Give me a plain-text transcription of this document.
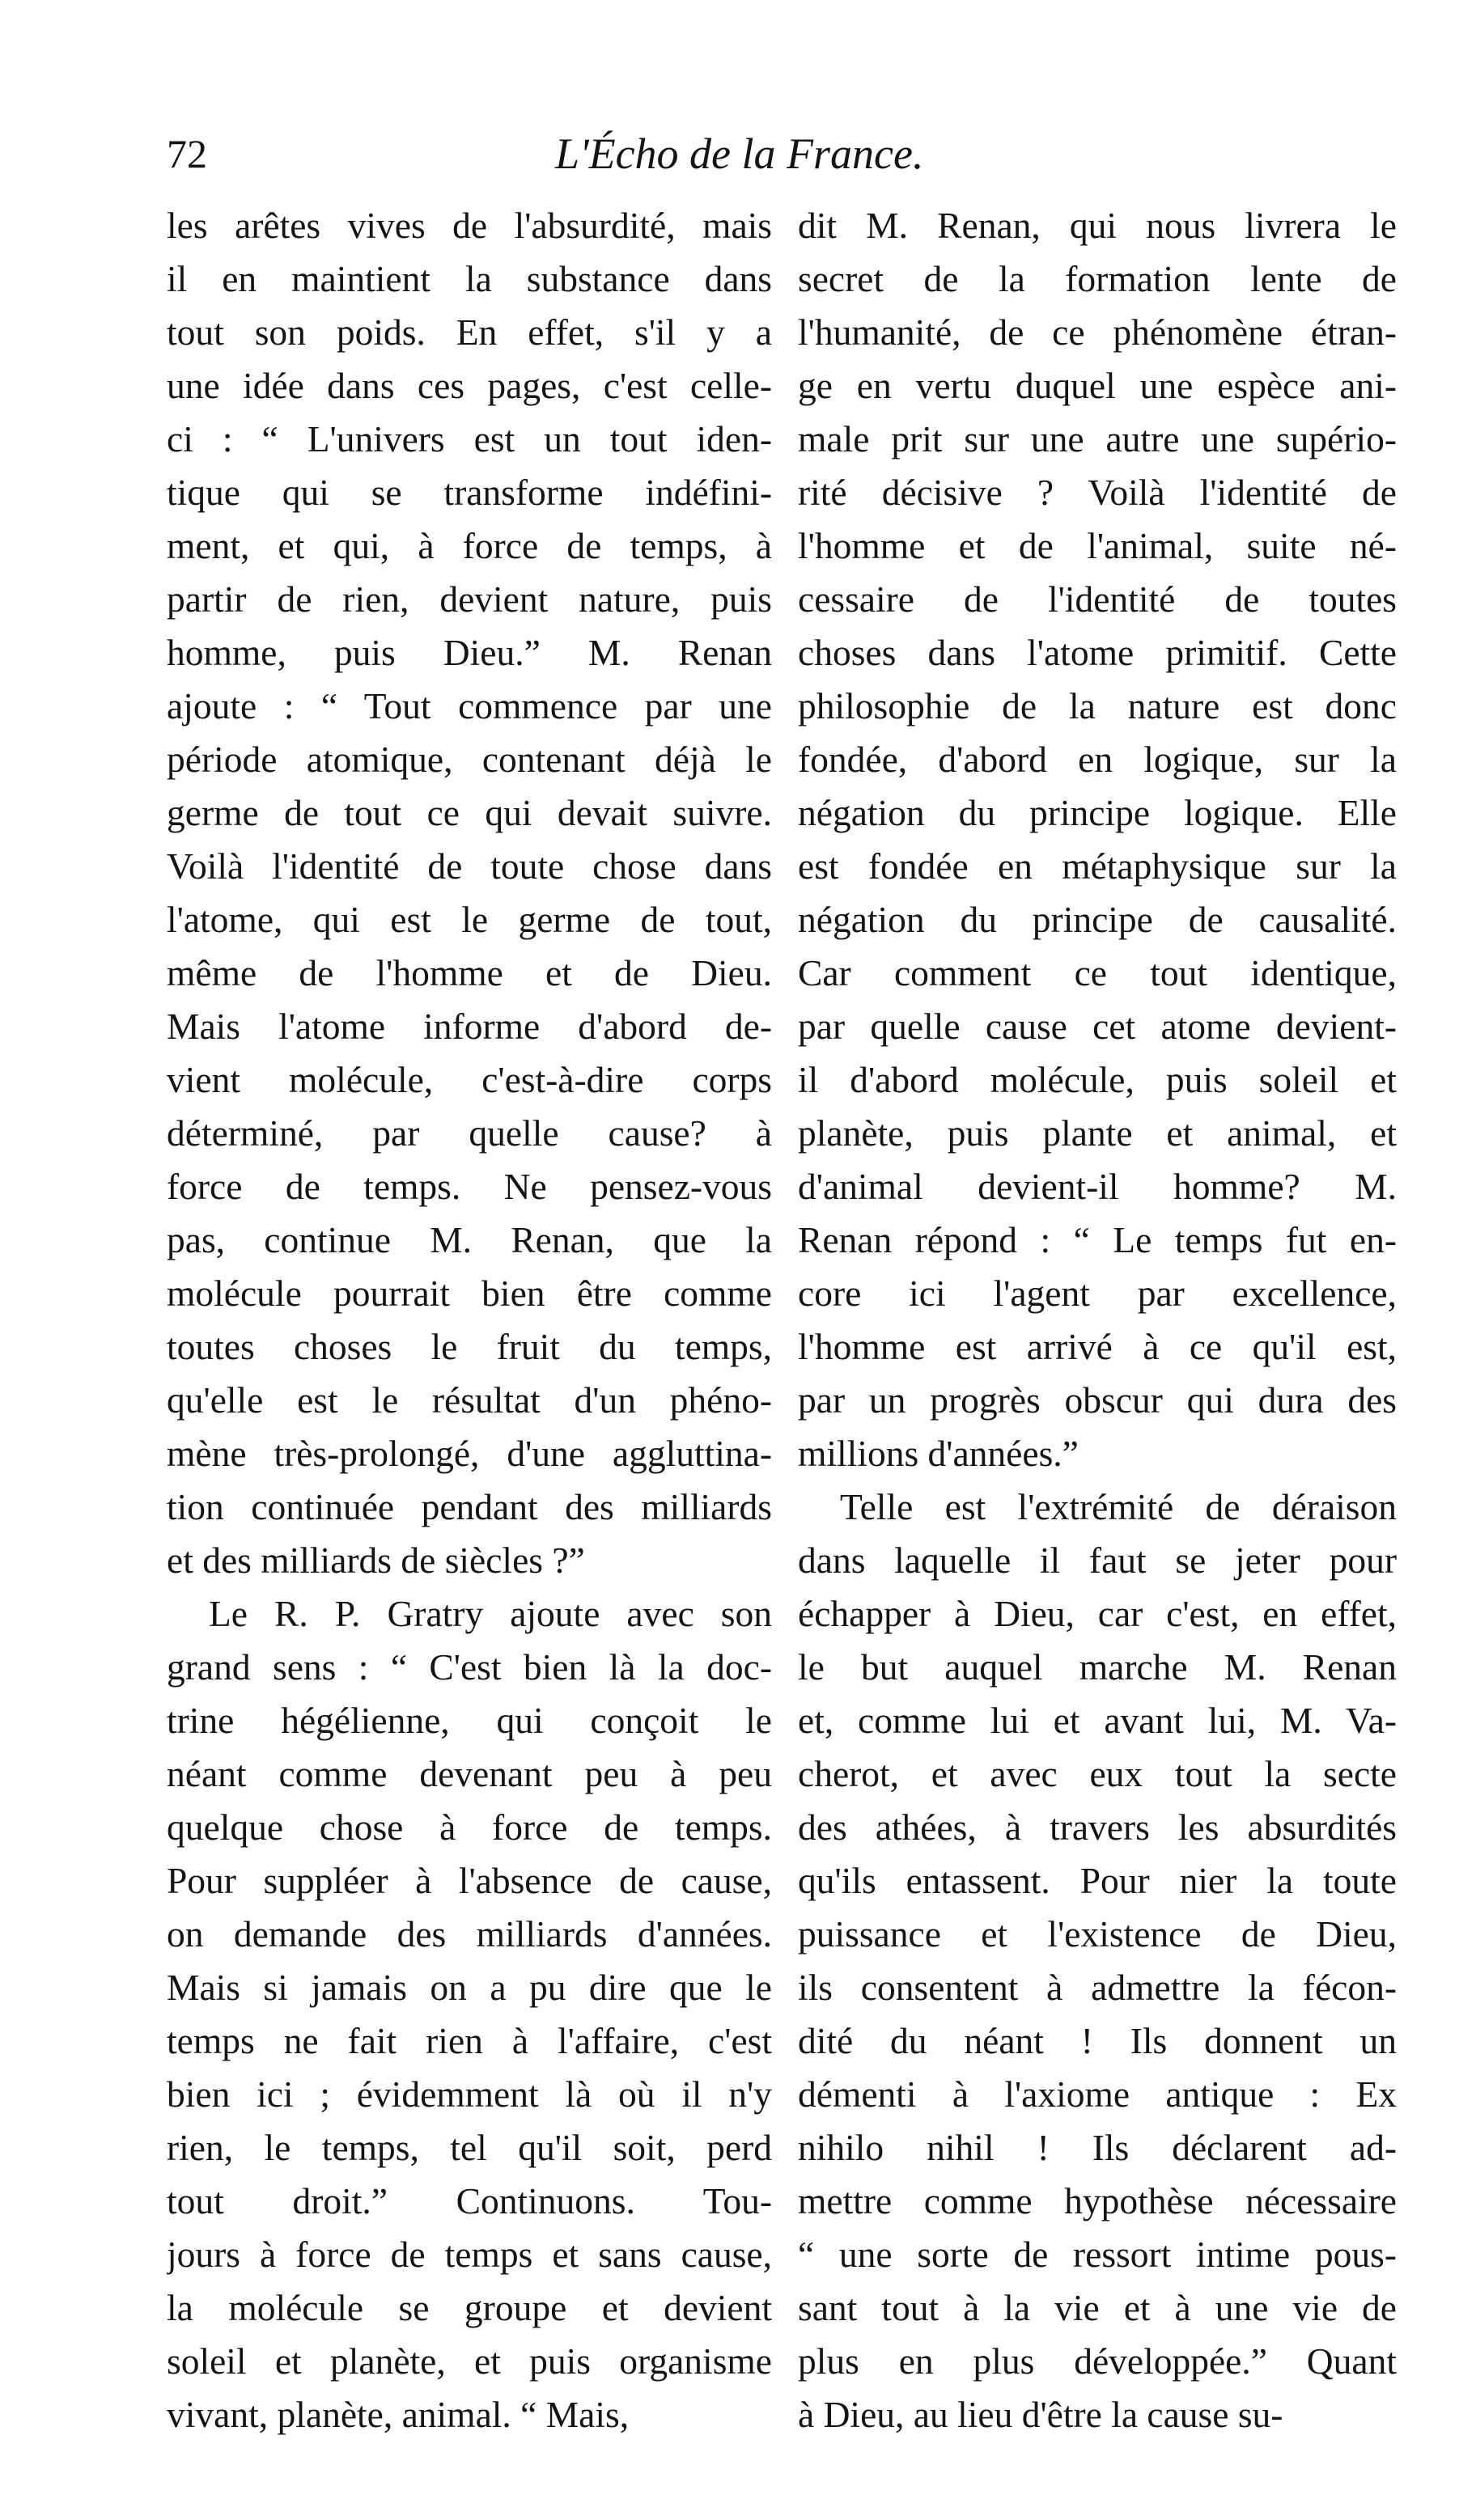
72	L'Écho de la France.
les arêtes vives de l'absurdité, mais
il en maintient la substance dans
tout son poids. En effet, s'il y a
une idée dans ces pages, c'est celle-
ci : “ L'univers est un tout iden-
tique qui se transforme indéfini-
ment, et qui, à force de temps, à
partir de rien, devient nature, puis
homme, puis Dieu.” M. Renan
ajoute : “ Tout commence par une
période atomique, contenant déjà le
germe de tout ce qui devait suivre.
Voilà l'identité de toute chose dans
l'atome, qui est le germe de tout,
même de l'homme et de Dieu.
Mais l'atome informe d'abord de-
vient molécule, c'est-à-dire corps
déterminé, par quelle cause? à
force de temps. Ne pensez-vous
pas, continue M. Renan, que la
molécule pourrait bien être comme
toutes choses le fruit du temps,
qu'elle est le résultat d'un phéno-
mène très-prolongé, d'une aggluttina-
tion continuée pendant des milliards
et des milliards de siècles ?”
Le R. P. Gratry ajoute avec son
grand sens : “ C'est bien là la doc-
trine hégélienne, qui conçoit le
néant comme devenant peu à peu
quelque chose à force de temps.
Pour suppléer à l'absence de cause,
on demande des milliards d'années.
Mais si jamais on a pu dire que le
temps ne fait rien à l'affaire, c'est
bien ici ; évidemment là où il n'y
rien, le temps, tel qu'il soit, perd
tout droit.” Continuons. Tou-
jours à force de temps et sans cause,
la molécule se groupe et devient
soleil et planète, et puis organisme
vivant, planète, animal. “ Mais,
dit M. Renan, qui nous livrera le
secret de la formation lente de
l'humanité, de ce phénomène étran-
ge en vertu duquel une espèce ani-
male prit sur une autre une supério-
rité décisive ? Voilà l'identité de
l'homme et de l'animal, suite né-
cessaire de l'identité de toutes
choses dans l'atome primitif. Cette
philosophie de la nature est donc
fondée, d'abord en logique, sur la
négation du principe logique. Elle
est fondée en métaphysique sur la
négation du principe de causalité.
Car comment ce tout identique,
par quelle cause cet atome devient-
il d'abord molécule, puis soleil et
planète, puis plante et animal, et
d'animal devient-il homme? M.
Renan répond : “ Le temps fut en-
core ici l'agent par excellence,
l'homme est arrivé à ce qu'il est,
par un progrès obscur qui dura des
millions d'années.”
Telle est l'extrémité de déraison
dans laquelle il faut se jeter pour
échapper à Dieu, car c'est, en effet,
le but auquel marche M. Renan
et, comme lui et avant lui, M. Va-
cherot, et avec eux tout la secte
des athées, à travers les absurdités
qu'ils entassent. Pour nier la toute
puissance et l'existence de Dieu,
ils consentent à admettre la fécon-
dité du néant ! Ils donnent un
démenti à l'axiome antique : Ex
nihilo nihil ! Ils déclarent ad-
mettre comme hypothèse nécessaire
“ une sorte de ressort intime pous-
sant tout à la vie et à une vie de
plus en plus développée.” Quant
à Dieu, au lieu d'être la cause su-
